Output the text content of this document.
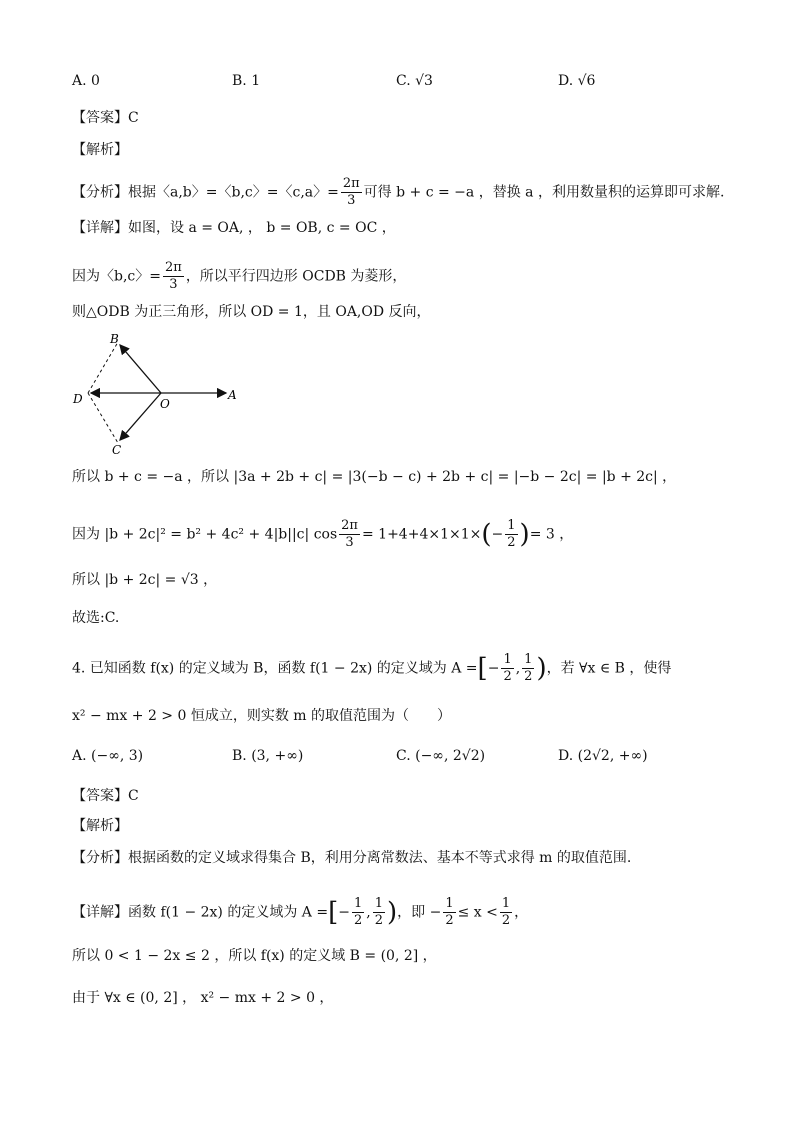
A. 0	B. 1	C. √3	D. √6
【答案】C
【解析】
【分析】根据〈a,b〉=〈b,c〉=〈c,a〉= $\frac{2\pi}{3}$ 可得 b + c = −a ，替换 a ，利用数量积的运算即可求解.
【详解】如图，设 a = OA, ， b = OB, c = OC ，
因为〈b,c〉= $\frac{2\pi}{3}$ ，所以平行四边形 OCDB 为菱形，
则△ODB 为正三角形，所以 OD = 1，且 OA,OD 反向，
B
D	O
A
C
所以 b + c = −a ，所以 |3a + 2b + c| = |3(−b − c) + 2b + c| = |−b − 2c| = |b + 2c| ，
因为 |b + 2c|² = b² + 4c² + 4|b||c| $\cos \frac{2\pi}{3} = 1+4+4\times 1\times 1\times(- \frac{1}{2}$ )= 3 ，
所以 |b + 2c| = √3 ，
故选:C.
4. 已知函数 f(x) 的定义域为 B，函数 f(1 − 2x) 的定义域为 A =[− $\frac{1}{2}$ , $\frac{1}{2}$ )，若 ∀x ∈ B ，使得
x² − mx + 2 > 0 恒成立，则实数 m 的取值范围为（　　）
A. (−∞, 3)	B. (3, +∞)	C. (−∞, 2√2)	D. (2√2, +∞)
【答案】C
【解析】
【分析】根据函数的定义域求得集合 B，利用分离常数法、基本不等式求得 m 的取值范围.
【详解】函数 f(1 − 2x) 的定义域为 A =[− $\frac{1}{2}$ , $\frac{1}{2}$ )，即 − $\frac{1}{2} \le x < \frac{1}{2}$ ，
所以 0 < 1 − 2x ≤ 2 ，所以 f(x) 的定义域 B = (0, 2] ，
由于 ∀x ∈ (0, 2] ， x² − mx + 2 > 0 ，
